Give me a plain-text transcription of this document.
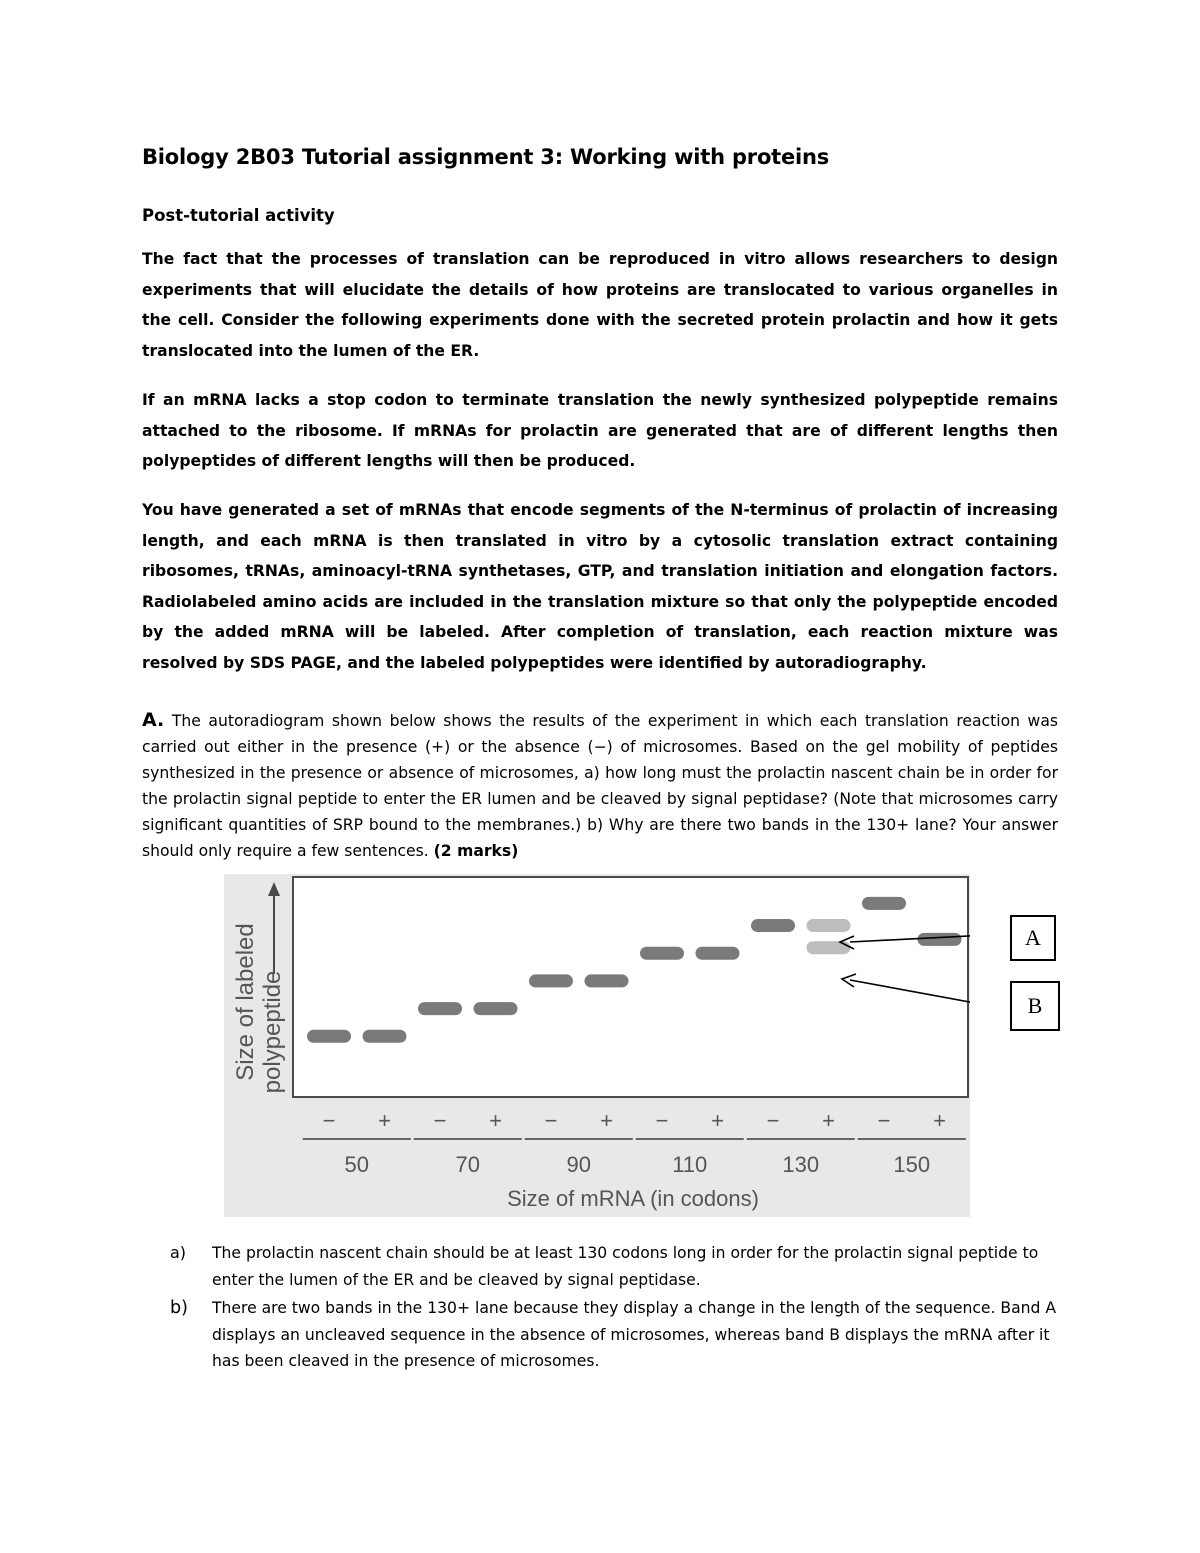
Biology 2B03 Tutorial assignment 3: Working with proteins
Post-tutorial activity

The fact that the processes of translation can be reproduced in vitro allows researchers to design experiments that will elucidate the details of how proteins are translocated to various organelles in the cell. Consider the following experiments done with the secreted protein prolactin and how it gets translocated into the lumen of the ER.

If an mRNA lacks a stop codon to terminate translation the newly synthesized polypeptide remains attached to the ribosome. If mRNAs for prolactin are generated that are of different lengths then polypeptides of different lengths will then be produced.

You have generated a set of mRNAs that encode segments of the N-terminus of prolactin of increasing length, and each mRNA is then translated in vitro by a cytosolic translation extract containing ribosomes, tRNAs, aminoacyl-tRNA synthetases, GTP, and translation initiation and elongation factors. Radiolabeled amino acids are included in the translation mixture so that only the polypeptide encoded by the added mRNA will be labeled. After completion of translation, each reaction mixture was resolved by SDS PAGE, and the labeled polypeptides were identified by autoradiography.

A. The autoradiogram shown below shows the results of the experiment in which each translation reaction was carried out either in the presence (+) or the absence (−) of microsomes. Based on the gel mobility of peptides synthesized in the presence or absence of microsomes, a) how long must the prolactin nascent chain be in order for the prolactin signal peptide to enter the ER lumen and be cleaved by signal peptidase? (Note that microsomes carry significant quantities of SRP bound to the membranes.) b) Why are there two bands in the 130+ lane? Your answer should only require a few sentences. (2 marks)

Size of labeled polypeptide
− + − + − + − + − + − +
50	70	90	110	130	150
Size of mRNA (in codons)
A
B
a) The prolactin nascent chain should be at least 130 codons long in order for the prolactin signal peptide to enter the lumen of the ER and be cleaved by signal peptidase.
b) There are two bands in the 130+ lane because they display a change in the length of the sequence. Band A displays an uncleaved sequence in the absence of microsomes, whereas band B displays the mRNA after it has been cleaved in the presence of microsomes.
